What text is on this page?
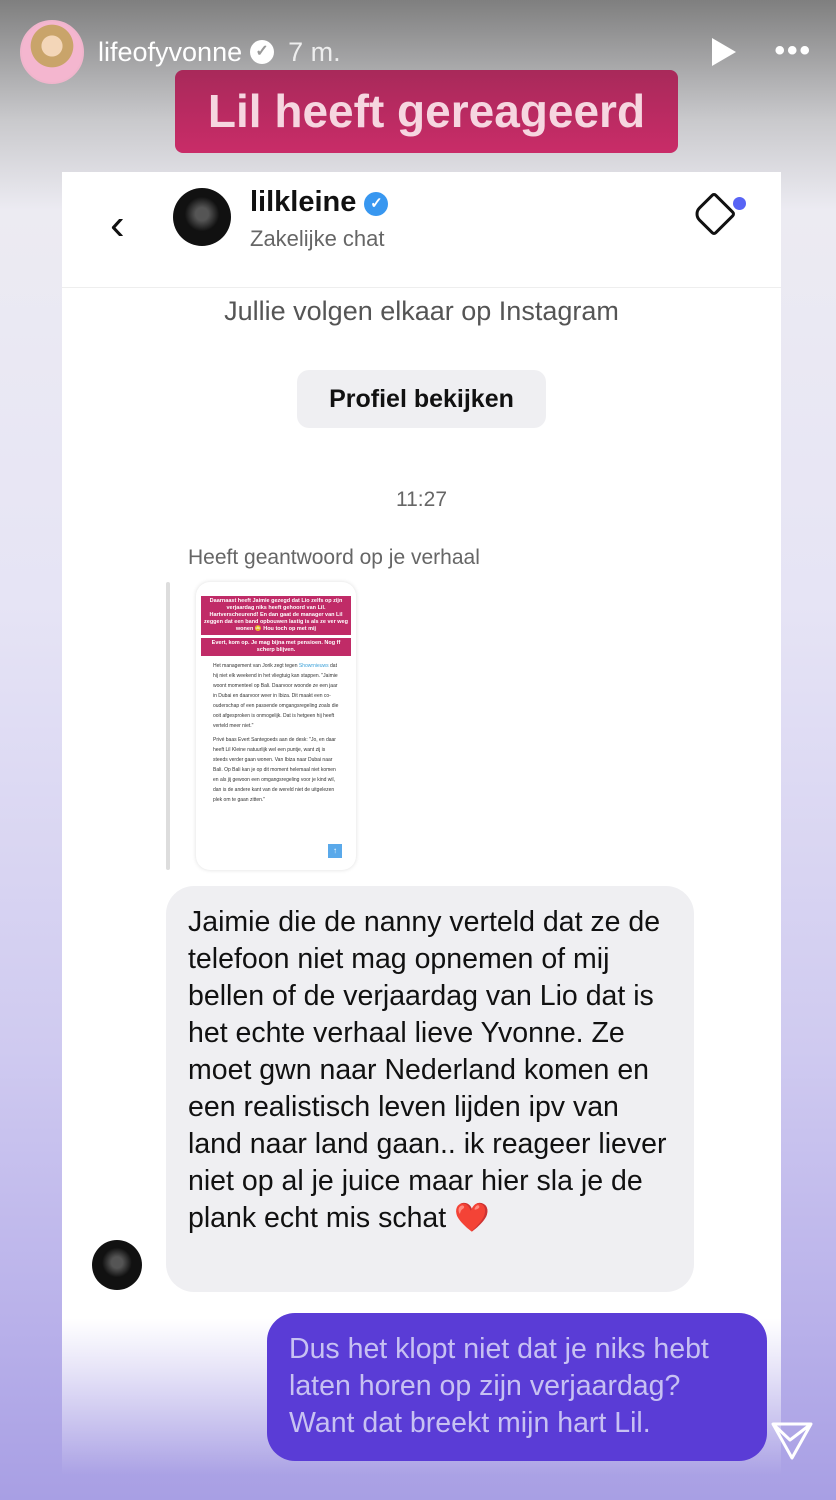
lifeofyvonne ✓ 7 m.	•••
Lil heeft gereageerd
‹	lilkleine ✓
Zakelijke chat
Jullie volgen elkaar op Instagram
Profiel bekijken
11:27
Heeft geantwoord op je verhaal
Daarnaast heeft Jaimie gezegd dat Lio zelfs op zijn verjaardag niks heeft gehoord van Lil. Hartverscheurend! En dan gaat de manager van Lil zeggen dat een band opbouwen lastig is als ze ver weg wonen 😳 Hou toch op met mij
Evert, kom op. Je mag bijna met pensioen. Nog ff scherp blijven.
Het management van Jorik zegt tegen Showrnieuws dat hij niet elk weekend in het vliegtuig kan stappen. "Jaimie woont momenteel op Bali. Daarvoor woonde ze een jaar in Dubai en daarvoor weer in Ibiza. Dit maakt een co-ouderschap of een passende omgangsregeling zoals die ooit afgesproken is onmogelijk. Dat is hetgeen hij heeft verteld meer niet."
Privé baas Evert Santegoeds aan de desk: "Jo, en daar heeft Lil Kleine natuurlijk wel een puntje, want zij is steeds verder gaan wonen. Van Ibiza naar Dubai naar Bali. Op Bali kan je op dit moment helemaal niet komen en als jij gewoon een omgangsregeling voor je kind wil, dan is de andere kant van de wereld niet de uitgelezen plek om te gaan zitten."
↑
Jaimie die de nanny verteld dat ze de telefoon niet mag opnemen of mij bellen of de verjaardag van Lio dat is het echte verhaal lieve Yvonne. Ze moet gwn naar Nederland komen en een realistisch leven lijden ipv van land naar land gaan.. ik reageer liever niet op al je juice maar hier sla je de plank echt mis schat ❤️
Dus het klopt niet dat je niks hebt laten horen op zijn verjaardag? Want dat breekt mijn hart Lil.
